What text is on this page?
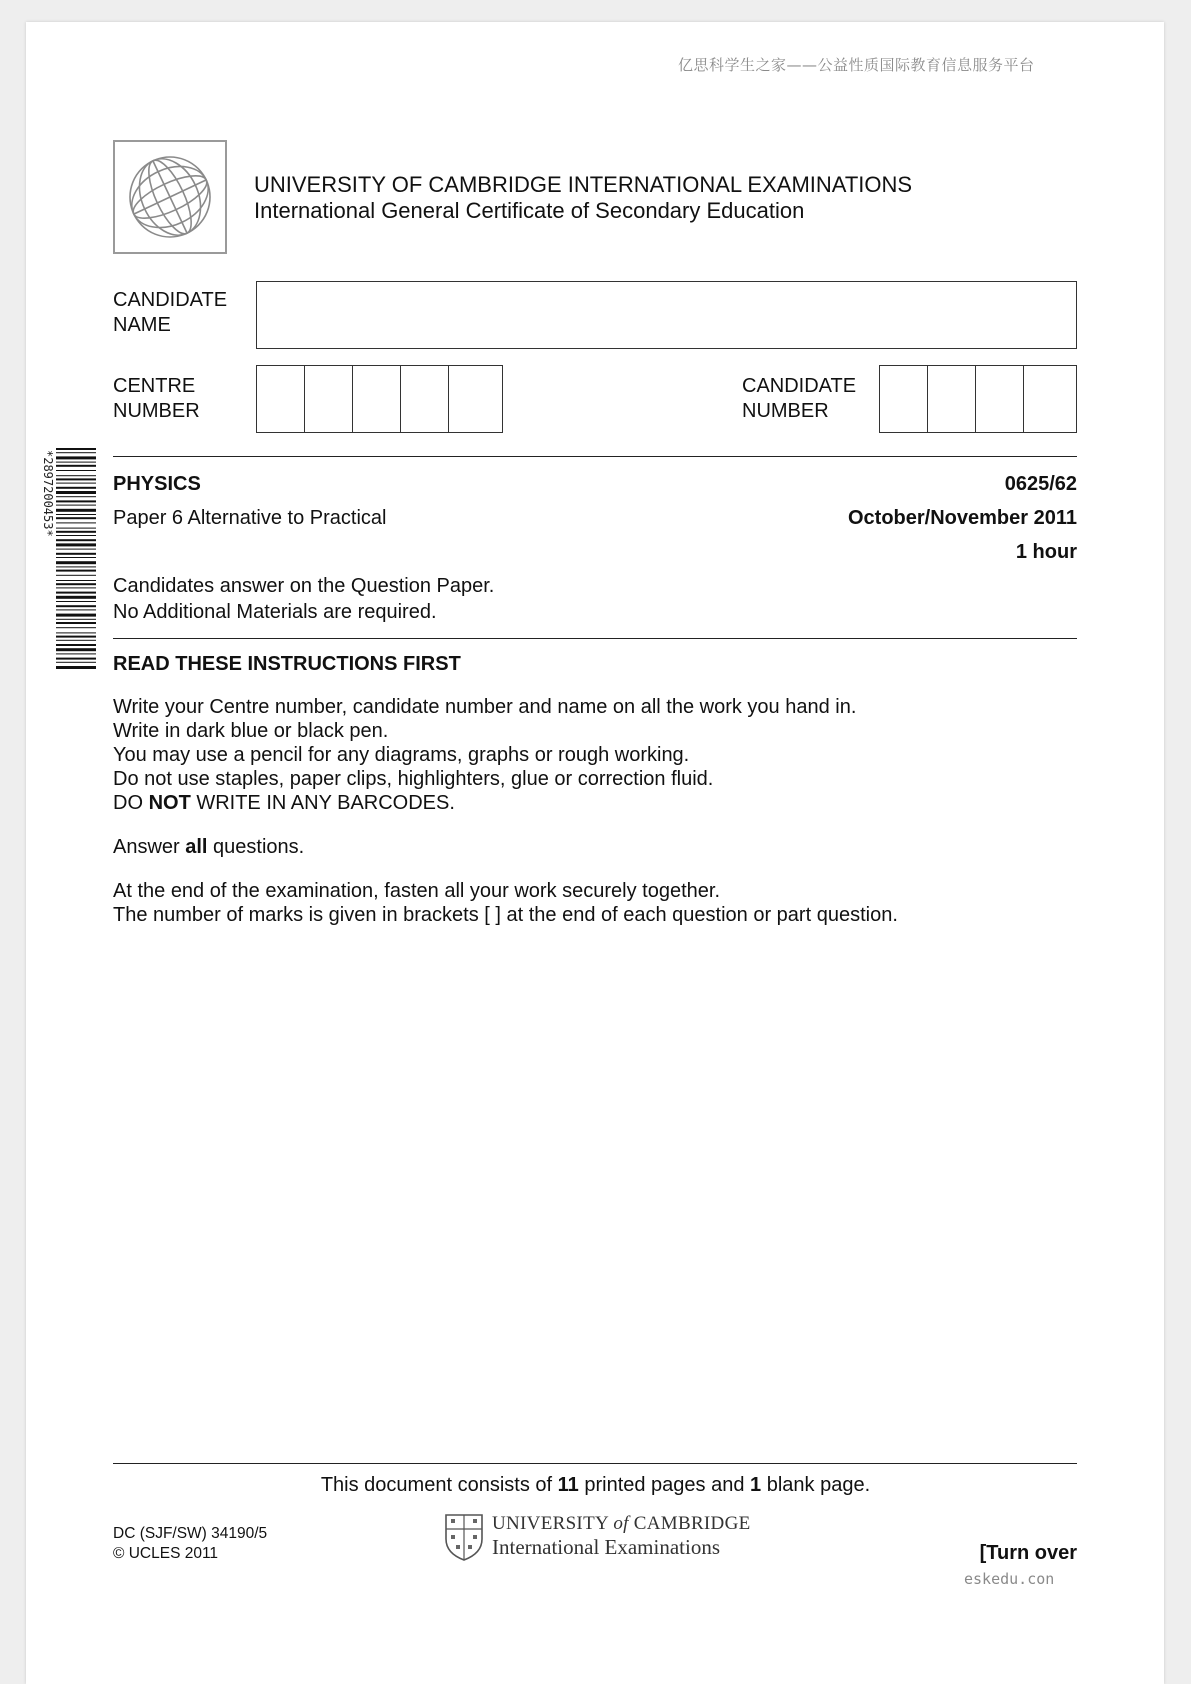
亿思科学生之家——公益性质国际教育信息服务平台
UNIVERSITY OF CAMBRIDGE INTERNATIONAL EXAMINATIONS
International General Certificate of Secondary Education
CANDIDATE
NAME
CENTRE
NUMBER
CANDIDATE
NUMBER
*2897200453*	PHYSICS	0625/62
Paper 6 Alternative to Practical	October/November 2011
1 hour
Candidates answer on the Question Paper.
No Additional Materials are required.
READ THESE INSTRUCTIONS FIRST

Write your Centre number, candidate number and name on all the work you hand in.
Write in dark blue or black pen.
You may use a pencil for any diagrams, graphs or rough working.
Do not use staples, paper clips, highlighters, glue or correction fluid.
DO NOT WRITE IN ANY BARCODES.

Answer all questions.

At the end of the examination, fasten all your work securely together.
The number of marks is given in brackets [ ] at the end of each question or part question.

This document consists of 11 printed pages and 1 blank page.
DC (SJF/SW) 34190/5
© UCLES 2011
UNIVERSITY of CAMBRIDGE
International Examinations	[Turn over
eskedu.con
